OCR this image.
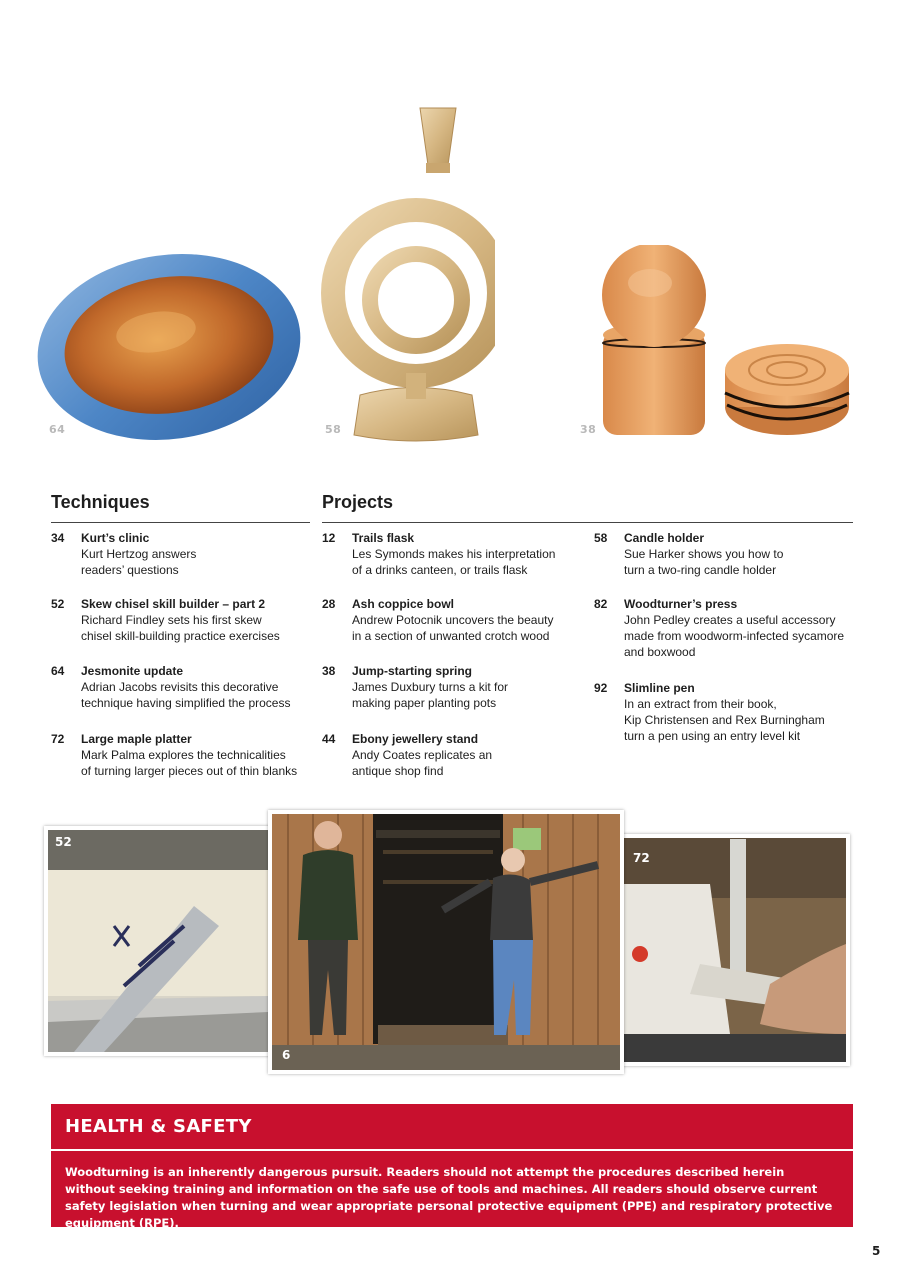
64	58	38
Techniques	Projects
34	Kurt’s clinic
Kurt Hertzog answers
readers’ questions
52	Skew chisel skill builder – part 2
Richard Findley sets his first skew
chisel skill-building practice exercises
64	Jesmonite update
Adrian Jacobs revisits this decorative
technique having simplified the process
72	Large maple platter
Mark Palma explores the technicalities
of turning larger pieces out of thin blanks
12	Trails flask
Les Symonds makes his interpretation
of a drinks canteen, or trails flask
28	Ash coppice bowl
Andrew Potocnik uncovers the beauty
in a section of unwanted crotch wood
38	Jump-starting spring
James Duxbury turns a kit for
making paper planting pots
44	Ebony jewellery stand
Andy Coates replicates an
antique shop find
58	Candle holder
Sue Harker shows you how to
turn a two-ring candle holder
82	Woodturner’s press
John Pedley creates a useful accessory
made from woodworm-infected sycamore
and boxwood
92	Slimline pen
In an extract from their book,
Kip Christensen and Rex Burningham
turn a pen using an entry level kit
52
72
6
HEALTH & SAFETY
Woodturning is an inherently dangerous pursuit. Readers should not attempt the procedures described herein without seeking training and information on the safe use of tools and machines. All readers should observe current safety legislation when turning and wear appropriate personal protective equipment (PPE) and respiratory protective equipment (RPE).
5
